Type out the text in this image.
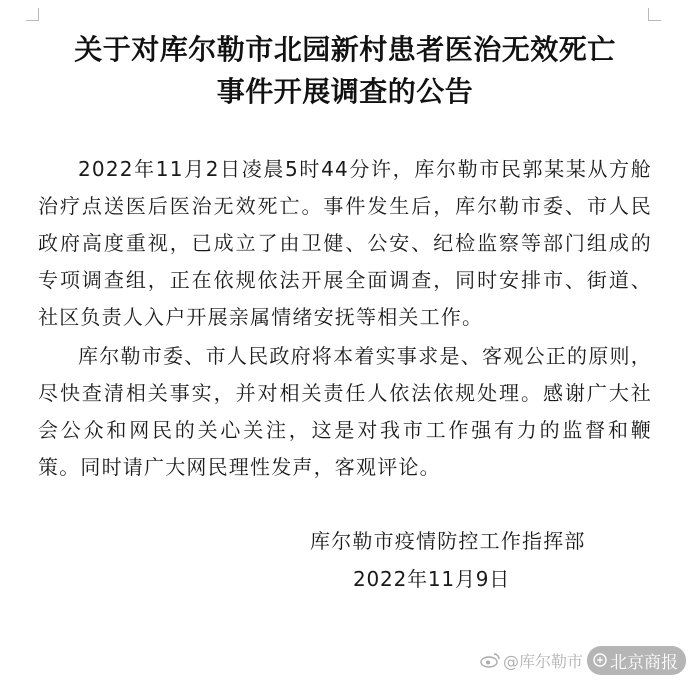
关于对库尔勒市北园新村患者医治无效死亡
事件开展调查的公告

2022年11月2日凌晨5时44分许，库尔勒市民郭某某从方舱治疗点送医后医治无效死亡。事件发生后，库尔勒市委、市人民政府高度重视，已成立了由卫健、公安、纪检监察等部门组成的专项调查组，正在依规依法开展全面调查，同时安排市、街道、社区负责人入户开展亲属情绪安抚等相关工作。

库尔勒市委、市人民政府将本着实事求是、客观公正的原则，尽快查清相关事实，并对相关责任人依法依规处理。感谢广大社会公众和网民的关心关注，这是对我市工作强有力的监督和鞭策。同时请广大网民理性发声，客观评论。

库尔勒市疫情防控工作指挥部
2022年11月9日
@库尔勒市 北京商报
